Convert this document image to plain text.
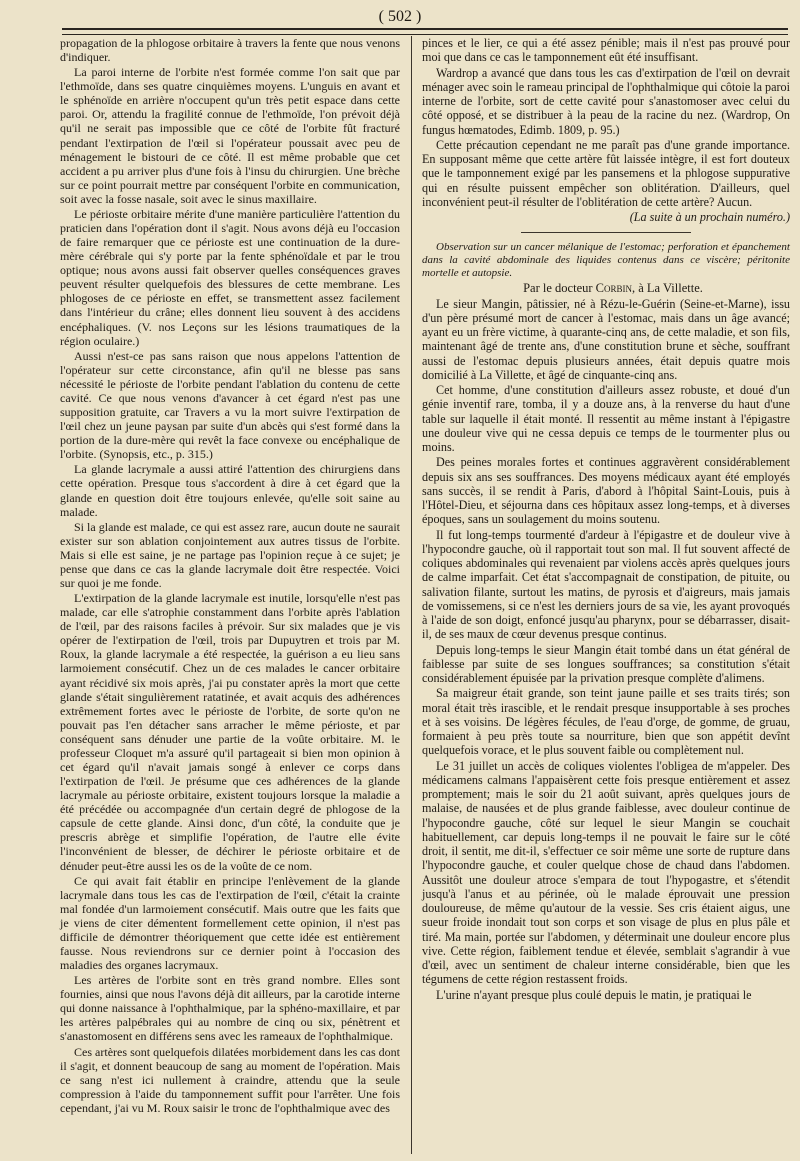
( 502 )

propagation de la phlogose orbitaire à travers la fente que nous venons d'indiquer.

La paroi interne de l'orbite n'est formée comme l'on sait que par l'ethmoïde, dans ses quatre cinquièmes moyens. L'unguis en avant et le sphénoïde en arrière n'occupent qu'un très petit espace dans cette paroi. Or, attendu la fragilité connue de l'ethmoïde, l'on prévoit déjà qu'il ne serait pas impossible que ce côté de l'orbite fût fracturé pendant l'extirpation de l'œil si l'opérateur poussait avec peu de ménagement le bistouri de ce côté. Il est même probable que cet accident a pu arriver plus d'une fois à l'insu du chirurgien. Une brèche sur ce point pourrait mettre par conséquent l'orbite en communication, soit avec la fosse nasale, soit avec le sinus maxillaire.

Le périoste orbitaire mérite d'une manière particulière l'attention du praticien dans l'opération dont il s'agit. Nous avons déjà eu l'occasion de faire remarquer que ce périoste est une continuation de la dure-mère cérébrale qui s'y porte par la fente sphénoïdale et par le trou optique; nous avons aussi fait observer quelles conséquences graves peuvent résulter quelquefois des blessures de cette membrane. Les phlogoses de ce périoste en effet, se transmettent assez facilement dans l'intérieur du crâne; elles donnent lieu souvent à des accidens encéphaliques. (V. nos Leçons sur les lésions traumatiques de la région oculaire.)

Aussi n'est-ce pas sans raison que nous appelons l'attention de l'opérateur sur cette circonstance, afin qu'il ne blesse pas sans nécessité le périoste de l'orbite pendant l'ablation du contenu de cette cavité. Ce que nous venons d'avancer à cet égard n'est pas une supposition gratuite, car Travers a vu la mort suivre l'extirpation de l'œil chez un jeune paysan par suite d'un abcès qui s'est formé dans la portion de la dure-mère qui revêt la face convexe ou encéphalique de l'orbite. (Synopsis, etc., p. 315.)

La glande lacrymale a aussi attiré l'attention des chirurgiens dans cette opération. Presque tous s'accordent à dire à cet égard que la glande en question doit être toujours enlevée, qu'elle soit saine au malade.

Si la glande est malade, ce qui est assez rare, aucun doute ne saurait exister sur son ablation conjointement aux autres tissus de l'orbite. Mais si elle est saine, je ne partage pas l'opinion reçue à ce sujet; je pense que dans ce cas la glande lacrymale doit être respectée. Voici sur quoi je me fonde.

L'extirpation de la glande lacrymale est inutile, lorsqu'elle n'est pas malade, car elle s'atrophie constamment dans l'orbite après l'ablation de l'œil, par des raisons faciles à prévoir. Sur six malades que je vis opérer de l'extirpation de l'œil, trois par Dupuytren et trois par M. Roux, la glande lacrymale a été respectée, la guérison a eu lieu sans larmoiement consécutif. Chez un de ces malades le cancer orbitaire ayant récidivé six mois après, j'ai pu constater après la mort que cette glande s'était singulièrement ratatinée, et avait acquis des adhérences extrêmement fortes avec le périoste de l'orbite, de sorte qu'on ne pouvait pas l'en détacher sans arracher le même périoste, et par conséquent sans dénuder une partie de la voûte orbitaire. M. le professeur Cloquet m'a assuré qu'il partageait si bien mon opinion à cet égard qu'il n'avait jamais songé à enlever ce corps dans l'extirpation de l'œil. Je présume que ces adhérences de la glande lacrymale au périoste orbitaire, existent toujours lorsque la maladie a été précédée ou accompagnée d'un certain degré de phlogose de la capsule de cette glande. Ainsi donc, d'un côté, la conduite que je prescris abrège et simplifie l'opération, de l'autre elle évite l'inconvénient de blesser, de déchirer le périoste orbitaire et de dénuder peut-être aussi les os de la voûte de ce nom.

Ce qui avait fait établir en principe l'enlèvement de la glande lacrymale dans tous les cas de l'extirpation de l'œil, c'était la crainte mal fondée d'un larmoiement consécutif. Mais outre que les faits que je viens de citer démentent formellement cette opinion, il n'est pas difficile de démontrer théoriquement que cette idée est entièrement fausse. Nous reviendrons sur ce dernier point à l'occasion des maladies des organes lacrymaux.

Les artères de l'orbite sont en très grand nombre. Elles sont fournies, ainsi que nous l'avons déjà dit ailleurs, par la carotide interne qui donne naissance à l'ophthalmique, par la sphéno-maxillaire, et par les artères palpébrales qui au nombre de cinq ou six, pénètrent et s'anastomosent en différens sens avec les rameaux de l'ophthalmique.

Ces artères sont quelquefois dilatées morbidement dans les cas dont il s'agit, et donnent beaucoup de sang au moment de l'opération. Mais ce sang n'est ici nullement à craindre, attendu que la seule compression à l'aide du tamponnement suffit pour l'arrêter. Une fois cependant, j'ai vu M. Roux saisir le tronc de l'ophthalmique avec des

pinces et le lier, ce qui a été assez pénible; mais il n'est pas prouvé pour moi que dans ce cas le tamponnement eût été insuffisant.

Wardrop a avancé que dans tous les cas d'extirpation de l'œil on devrait ménager avec soin le rameau principal de l'ophthalmique qui côtoie la paroi interne de l'orbite, sort de cette cavité pour s'anastomoser avec celui du côté opposé, et se distribuer à la peau de la racine du nez. (Wardrop, On fungus hœmatodes, Edimb. 1809, p. 95.)

Cette précaution cependant ne me paraît pas d'une grande importance. En supposant même que cette artère fût laissée intègre, il est fort douteux que le tamponnement exigé par les pansemens et la phlogose suppurative qui en résulte puissent empêcher son oblitération. D'ailleurs, quel inconvénient peut-il résulter de l'oblitération de cette artère? Aucun.

(La suite à un prochain numéro.)

Observation sur un cancer mélanique de l'estomac; perforation et épanchement dans la cavité abdominale des liquides contenus dans ce viscère; péritonite mortelle et autopsie.

Par le docteur Corbin, à La Villette.

Le sieur Mangin, pâtissier, né à Rézu-le-Guérin (Seine-et-Marne), issu d'un père présumé mort de cancer à l'estomac, mais dans un âge avancé; ayant eu un frère victime, à quarante-cinq ans, de cette maladie, et son fils, maintenant âgé de trente ans, d'une constitution brune et sèche, souffrant aussi de l'estomac depuis plusieurs années, était depuis quatre mois domicilié à La Villette, et âgé de cinquante-cinq ans.

Cet homme, d'une constitution d'ailleurs assez robuste, et doué d'un génie inventif rare, tomba, il y a douze ans, à la renverse du haut d'une table sur laquelle il était monté. Il ressentit au même instant à l'épigastre une douleur vive qui ne cessa depuis ce temps de le tourmenter plus ou moins.

Des peines morales fortes et continues aggravèrent considérablement depuis six ans ses souffrances. Des moyens médicaux ayant été employés sans succès, il se rendit à Paris, d'abord à l'hôpital Saint-Louis, puis à l'Hôtel-Dieu, et séjourna dans ces hôpitaux assez long-temps, et à diverses époques, sans un soulagement du moins soutenu.

Il fut long-temps tourmenté d'ardeur à l'épigastre et de douleur vive à l'hypocondre gauche, où il rapportait tout son mal. Il fut souvent affecté de coliques abdominales qui revenaient par violens accès après quelques jours de calme imparfait. Cet état s'accompagnait de constipation, de pituite, ou salivation filante, surtout les matins, de pyrosis et d'aigreurs, mais jamais de vomissemens, si ce n'est les derniers jours de sa vie, les ayant provoqués à l'aide de son doigt, enfoncé jusqu'au pharynx, pour se débarrasser, disait-il, de ses maux de cœur devenus presque continus.

Depuis long-temps le sieur Mangin était tombé dans un état général de faiblesse par suite de ses longues souffrances; sa constitution s'était considérablement épuisée par la privation presque complète d'alimens.

Sa maigreur était grande, son teint jaune paille et ses traits tirés; son moral était très irascible, et le rendait presque insupportable à ses proches et à ses voisins. De légères fécules, de l'eau d'orge, de gomme, de gruau, formaient à peu près toute sa nourriture, bien que son appétit devînt quelquefois vorace, et le plus souvent faible ou complètement nul.

Le 31 juillet un accès de coliques violentes l'obligea de m'appeler. Des médicamens calmans l'appaisèrent cette fois presque entièrement et assez promptement; mais le soir du 21 août suivant, après quelques jours de malaise, de nausées et de plus grande faiblesse, avec douleur continue de l'hypocondre gauche, côté sur lequel le sieur Mangin se couchait habituellement, car depuis long-temps il ne pouvait le faire sur le côté droit, il sentit, me dit-il, s'effectuer ce soir même une sorte de rupture dans l'hypocondre gauche, et couler quelque chose de chaud dans l'abdomen. Aussitôt une douleur atroce s'empara de tout l'hypogastre, et s'étendit jusqu'à l'anus et au périnée, où le malade éprouvait une pression douloureuse, de même qu'autour de la vessie. Ses cris étaient aigus, une sueur froide inondait tout son corps et son visage de plus en plus pâle et tiré. Ma main, portée sur l'abdomen, y déterminait une douleur encore plus vive. Cette région, faiblement tendue et élevée, semblait s'agrandir à vue d'œil, avec un sentiment de chaleur interne considérable, bien que les tégumens de cette région restassent froids.

L'urine n'ayant presque plus coulé depuis le matin, je pratiquai le
